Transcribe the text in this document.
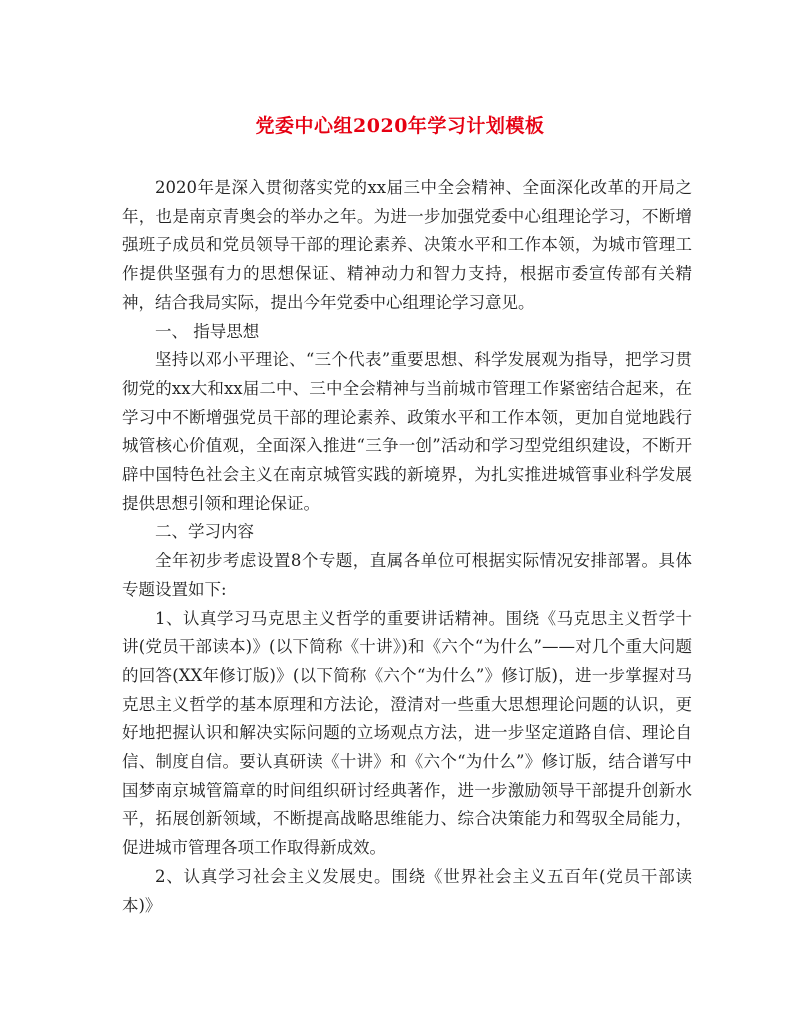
党委中心组2020年学习计划模板

2020年是深入贯彻落实党的xx届三中全会精神、全面深化改革的开局之年，也是南京青奥会的举办之年。为进一步加强党委中心组理论学习，不断增强班子成员和党员领导干部的理论素养、决策水平和工作本领，为城市管理工作提供坚强有力的思想保证、精神动力和智力支持，根据市委宣传部有关精神，结合我局实际，提出今年党委中心组理论学习意见。

一、 指导思想

坚持以邓小平理论、“三个代表”重要思想、科学发展观为指导，把学习贯彻党的xx大和xx届二中、三中全会精神与当前城市管理工作紧密结合起来，在学习中不断增强党员干部的理论素养、政策水平和工作本领，更加自觉地践行城管核心价值观，全面深入推进“三争一创”活动和学习型党组织建设，不断开辟中国特色社会主义在南京城管实践的新境界，为扎实推进城管事业科学发展提供思想引领和理论保证。

二、学习内容

全年初步考虑设置8个专题，直属各单位可根据实际情况安排部署。具体专题设置如下:

1、认真学习马克思主义哲学的重要讲话精神。围绕《马克思主义哲学十讲(党员干部读本)》(以下简称《十讲》)和《六个“为什么”——对几个重大问题的回答(XX年修订版)》(以下简称《六个“为什么”》修订版)，进一步掌握对马克思主义哲学的基本原理和方法论，澄清对一些重大思想理论问题的认识，更好地把握认识和解决实际问题的立场观点方法，进一步坚定道路自信、理论自信、制度自信。要认真研读《十讲》和《六个“为什么”》修订版，结合谱写中国梦南京城管篇章的时间组织研讨经典著作，进一步激励领导干部提升创新水平，拓展创新领域，不断提高战略思维能力、综合决策能力和驾驭全局能力，促进城市管理各项工作取得新成效。

2、认真学习社会主义发展史。围绕《世界社会主义五百年(党员干部读本)》
